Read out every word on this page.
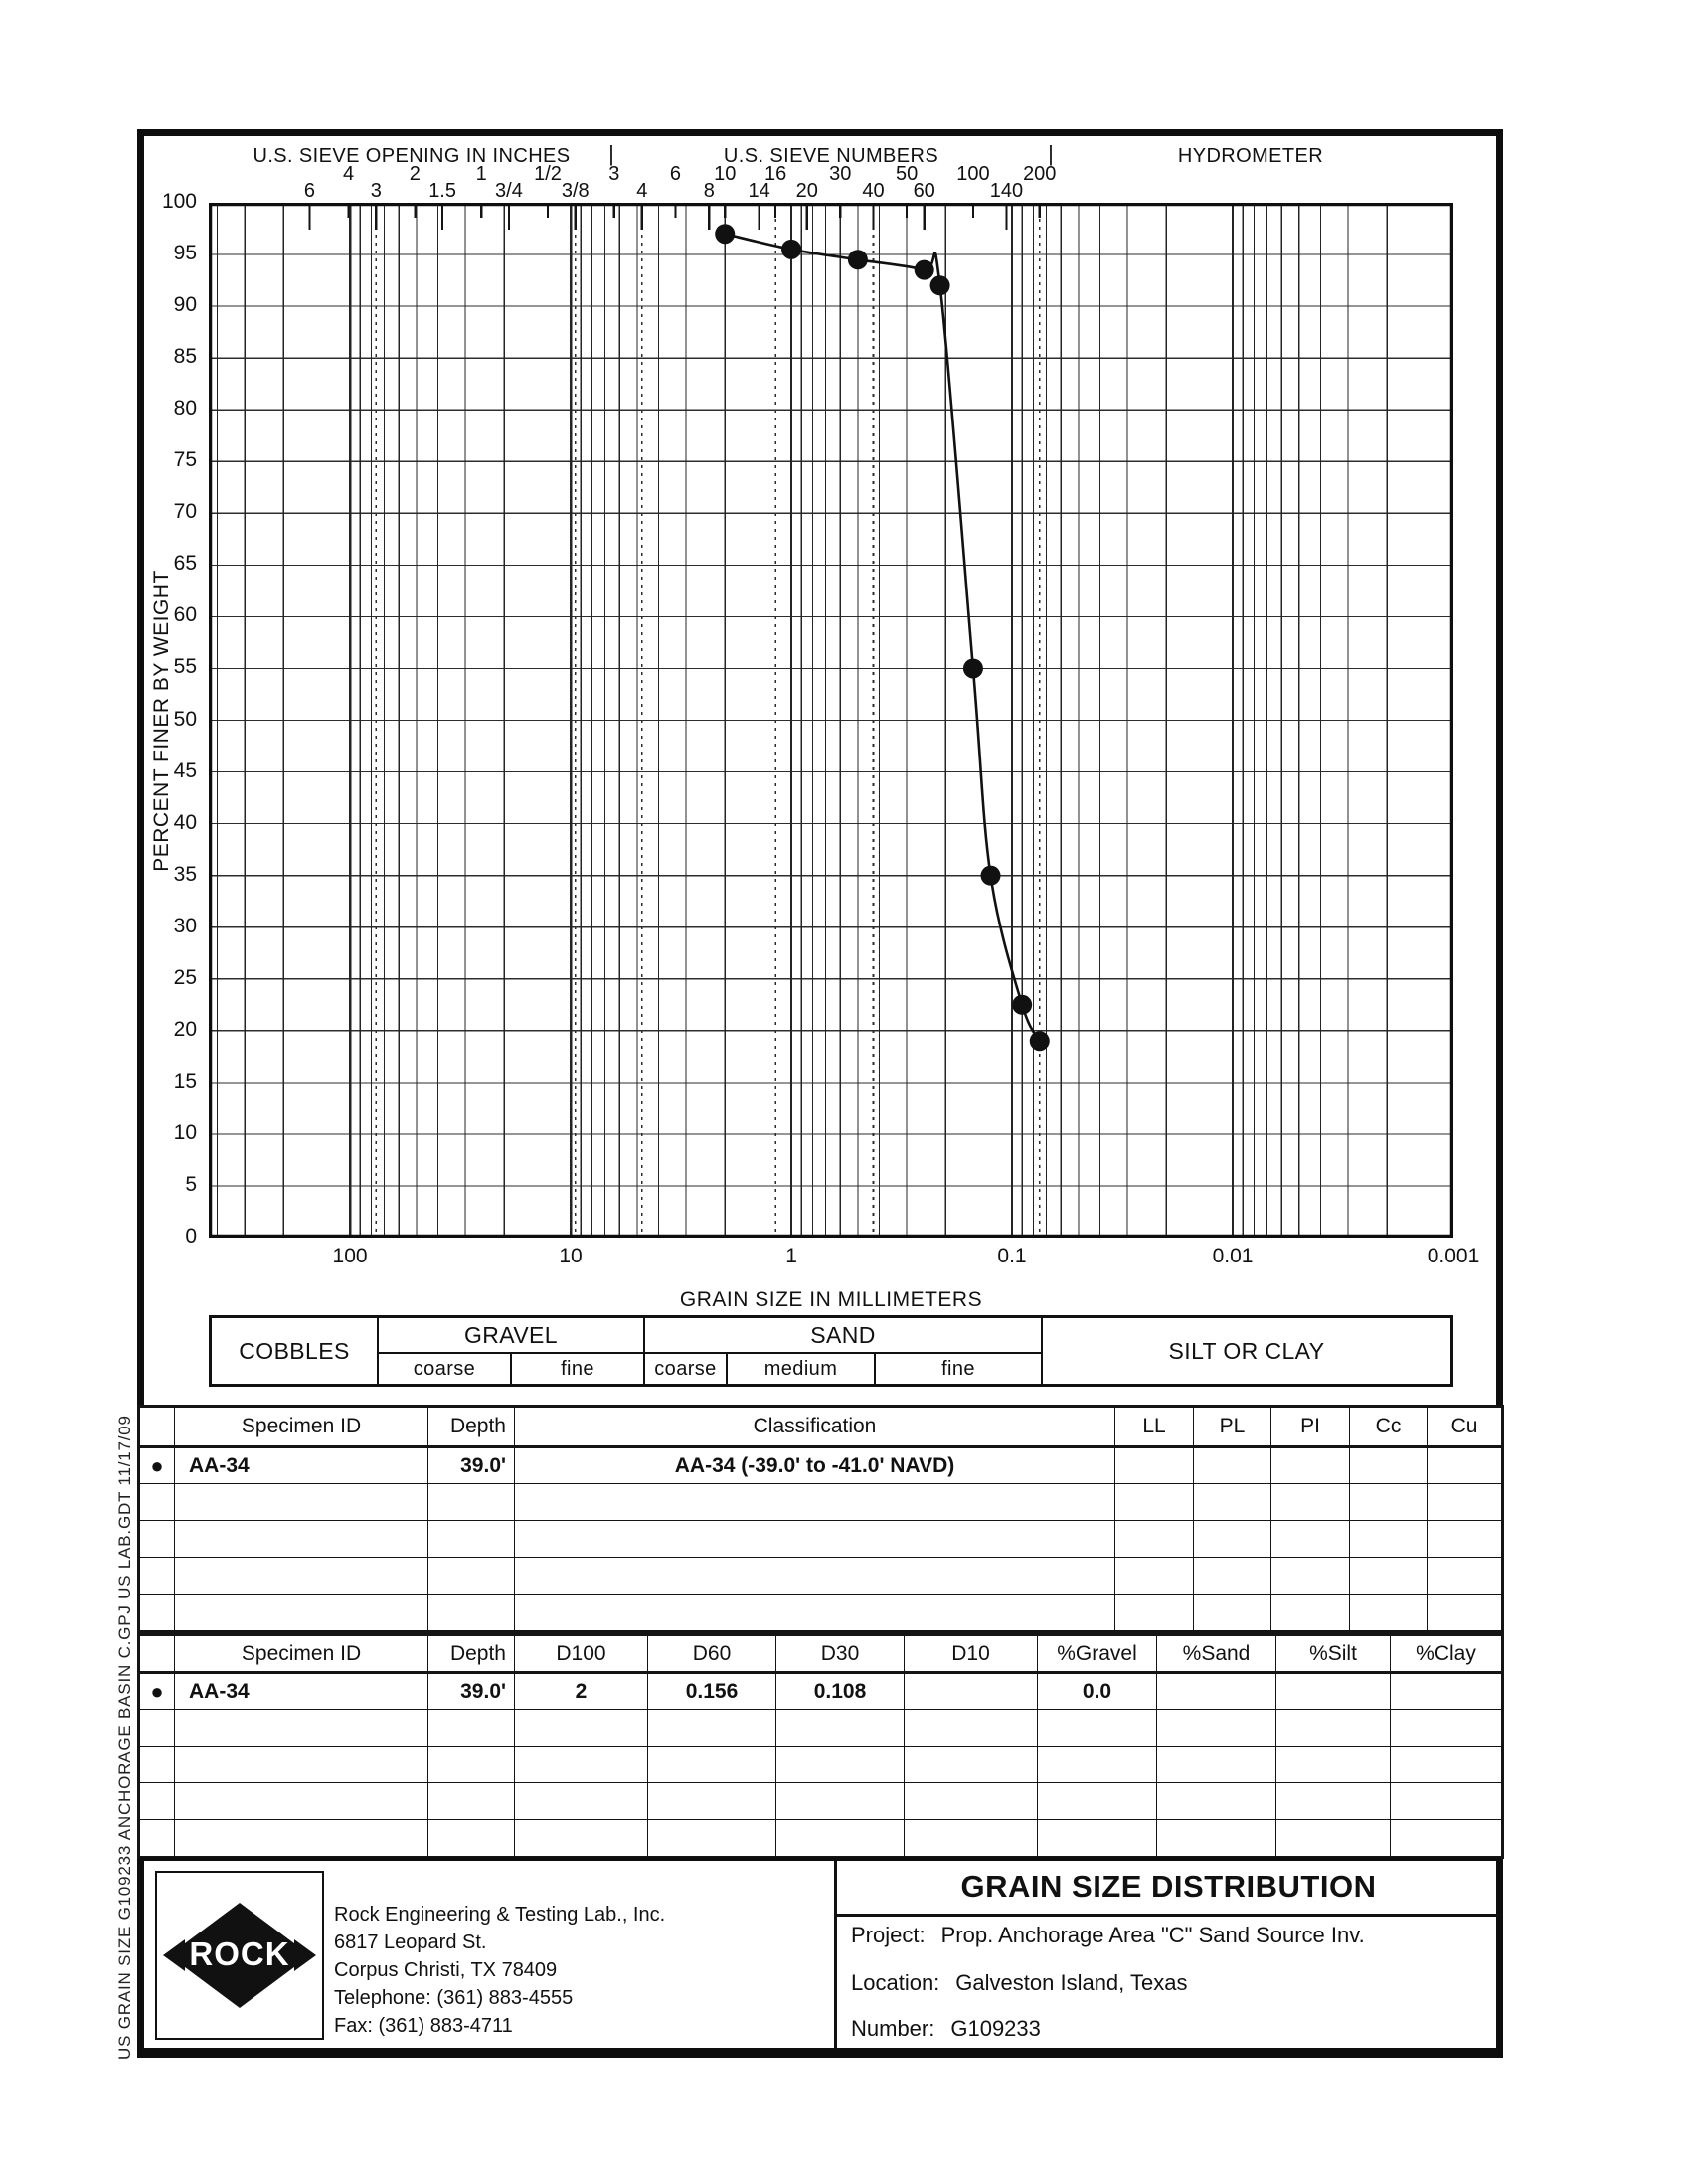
US GRAIN SIZE G109233 ANCHORAGE BASIN C.GPJ US LAB.GDT 11/17/09
U.S. SIEVE OPENING IN INCHES |	U.S. SIEVE NUMBERS	|	HYDROMETER
6
4
3
2
1.5
1
3/4
1/2
3/8
3
4
6
8
10
14
16
20
30
40
50
60
100
140
200
100
95
90
85
80
75
70
65
60
55
50
45
40
35
30
25
20
15
10
5
0
100	10	1	0.1	0.01	0.001
PERCENT FINER BY WEIGHT
GRAIN SIZE IN MILLIMETERS
COBBLES
GRAVEL
coarse	fine
SAND
coarse	medium	fine
SILT OR CLAY
	Specimen ID	Depth	Classification	LL	PL	PI	Cc	Cu
●	AA-34	39.0'	AA-34 (-39.0' to -41.0' NAVD)					

	Specimen ID	Depth	D100	D60	D30	D10	%Gravel	%Sand	%Silt	%Clay
●	AA-34	39.0'	2	0.156	0.108		0.0			

ROCK
Rock Engineering & Testing Lab., Inc.
6817 Leopard St.
Corpus Christi, TX 78409
Telephone: (361) 883-4555
Fax: (361) 883-4711
GRAIN SIZE DISTRIBUTION
Project: Prop. Anchorage Area "C" Sand Source Inv.
Location: Galveston Island, Texas
Number: G109233
